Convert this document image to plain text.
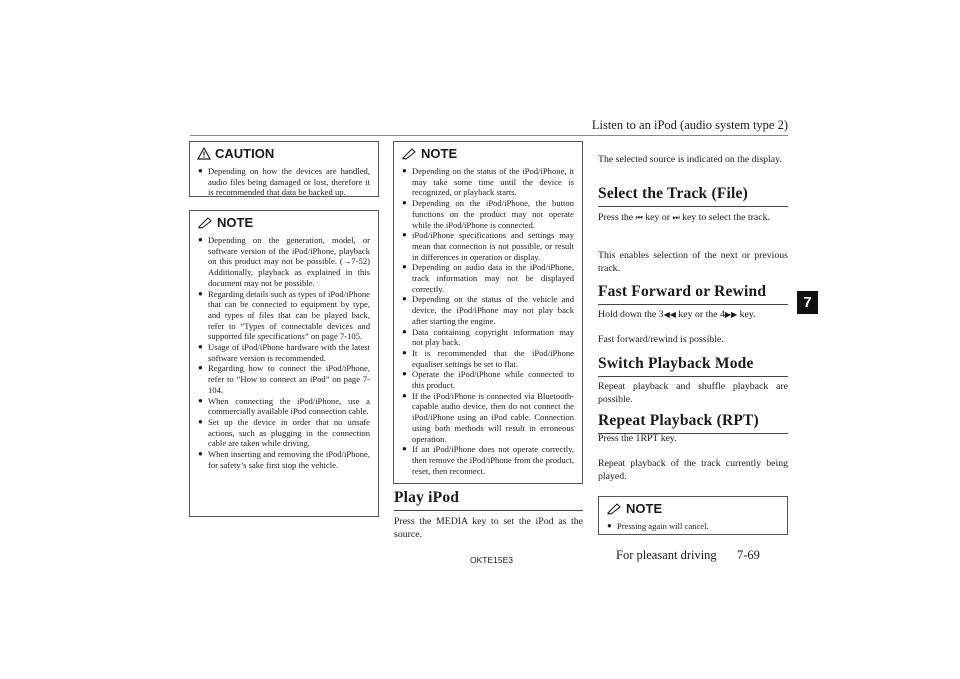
Listen to an iPod (audio system type 2)
7
CAUTION
● Depending on how the devices are handled, audio files being damaged or lost, therefore it is recommended that data be backed up.
NOTE
● Depending on the generation, model, or software version of the iPod/iPhone, playback on this product may not be possible. (→7-52) Additionally, playback as explained in this document may not be possible.
● Regarding details such as types of iPod/iPhone that can be connected to equipment by type, and types of files that can be played back, refer to “Types of connectable devices and supported file specifications” on page 7-105.
● Usage of iPod/iPhone hardware with the latest software version is recommended.
● Regarding how to connect the iPod/iPhone, refer to “How to connect an iPod” on page 7-104.
● When connecting the iPod/iPhone, use a commercially available iPod connection cable.
● Set up the device in order that no unsafe actions, such as plugging in the connection cable are taken while driving.
● When inserting and removing the iPod/iPhone, for safety’s sake first stop the vehicle.
NOTE
● Depending on the status of the iPod/iPhone, it may take some time until the device is recognized, or playback starts.
● Depending on the iPod/iPhone, the button functions on the product may not operate while the iPod/iPhone is connected.
● iPod/iPhone specifications and settings may mean that connection is not possible, or result in differences in operation or display.
● Depending on audio data in the iPod/iPhone, track information may not be displayed correctly.
● Depending on the status of the vehicle and device, the iPod/iPhone may not play back after starting the engine.
● Data containing copyright information may not play back.
● It is recommended that the iPod/iPhone equaliser settings be set to flat.
● Operate the iPod/iPhone while connected to this product.
● If the iPod/iPhone is connected via Bluetooth- capable audio device, then do not connect the iPod/iPhone using an iPod cable. Connection using both methods will result in erroneous operation.
● If an iPod/iPhone does not operate correctly, then remove the iPod/iPhone from the product, reset, then reconnect.
Play iPod
Press the MEDIA key to set the iPod as the source.
The selected source is indicated on the display.
Select the Track (File)
Press the ⏮ key or ⏭ key to select the track.
This enables selection of the next or previous track.
Fast Forward or Rewind
Hold down the 3◀◀ key or the 4▶▶ key.
Fast forward/rewind is possible.
Switch Playback Mode
Repeat playback and shuffle playback are possible.
Repeat Playback (RPT)
Press the 1RPT key.
Repeat playback of the track currently being played.
NOTE
● Pressing again will cancel.
OKTE15E3	For pleasant driving 7-69
